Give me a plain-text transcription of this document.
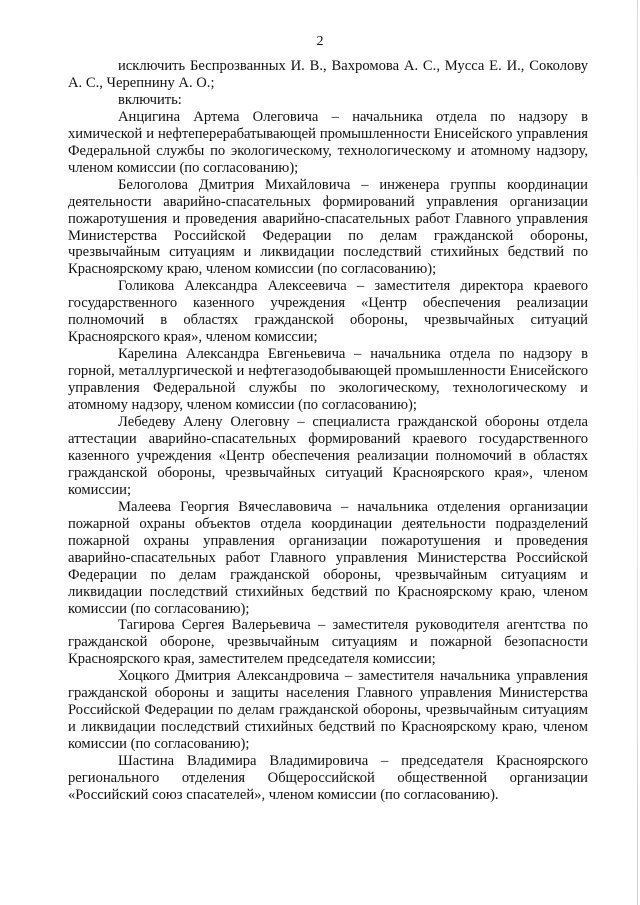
2

исключить Беспрозванных И. В., Вахромова А. С., Мусса Е. И., Соколову А. С., Черепнину А. О.;

включить:

Анцигина Артема Олеговича – начальника отдела по надзору в химической и нефтеперерабатывающей промышленности Енисейского управления Федеральной службы по экологическому, технологическому и атомному надзору, членом комиссии (по согласованию);

Белоголова Дмитрия Михайловича – инженера группы координации деятельности аварийно-спасательных формирований управления организации пожаротушения и проведения аварийно-спасательных работ Главного управления Министерства Российской Федерации по делам гражданской обороны, чрезвычайным ситуациям и ликвидации последствий стихийных бедствий по Красноярскому краю, членом комиссии (по согласованию);

Голикова Александра Алексеевича – заместителя директора краевого государственного казенного учреждения «Центр обеспечения реализации полномочий в областях гражданской обороны, чрезвычайных ситуаций Красноярского края», членом комиссии;

Карелина Александра Евгеньевича – начальника отдела по надзору в горной, металлургической и нефтегазодобывающей промышленности Енисейского управления Федеральной службы по экологическому, технологическому и атомному надзору, членом комиссии (по согласованию);

Лебедеву Алену Олеговну – специалиста гражданской обороны отдела аттестации аварийно-спасательных формирований краевого государственного казенного учреждения «Центр обеспечения реализации полномочий в областях гражданской обороны, чрезвычайных ситуаций Красноярского края», членом комиссии;

Малеева Георгия Вячеславовича – начальника отделения организации пожарной охраны объектов отдела координации деятельности подразделений пожарной охраны управления организации пожаротушения и проведения аварийно-спасательных работ Главного управления Министерства Российской Федерации по делам гражданской обороны, чрезвычайным ситуациям и ликвидации последствий стихийных бедствий по Красноярскому краю, членом комиссии (по согласованию);

Тагирова Сергея Валерьевича – заместителя руководителя агентства по гражданской обороне, чрезвычайным ситуациям и пожарной безопасности Красноярского края, заместителем председателя комиссии;

Хоцкого Дмитрия Александровича – заместителя начальника управления гражданской обороны и защиты населения Главного управления Министерства Российской Федерации по делам гражданской обороны, чрезвычайным ситуациям и ликвидации последствий стихийных бедствий по Красноярскому краю, членом комиссии (по согласованию);

Шастина Владимира Владимировича – председателя Красноярского регионального отделения Общероссийской общественной организации «Российский союз спасателей», членом комиссии (по согласованию).
